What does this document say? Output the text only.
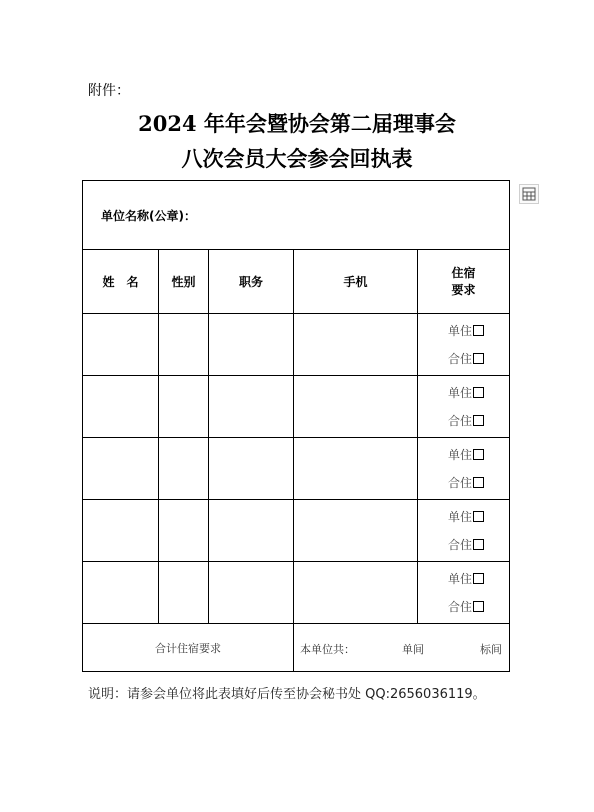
附件：
2024 年年会暨协会第二届理事会
八次会员大会参会回执表
单位名称(公章)：				
姓　名	性别	职务	手机	住宿要求

				单住
合住

				单住
合住

				单住
合住

				单住
合住

				单住
合住

合计住宿要求			本单位共： 单间 标间	
说明：请参会单位将此表填好后传至协会秘书处 QQ:2656036119。
